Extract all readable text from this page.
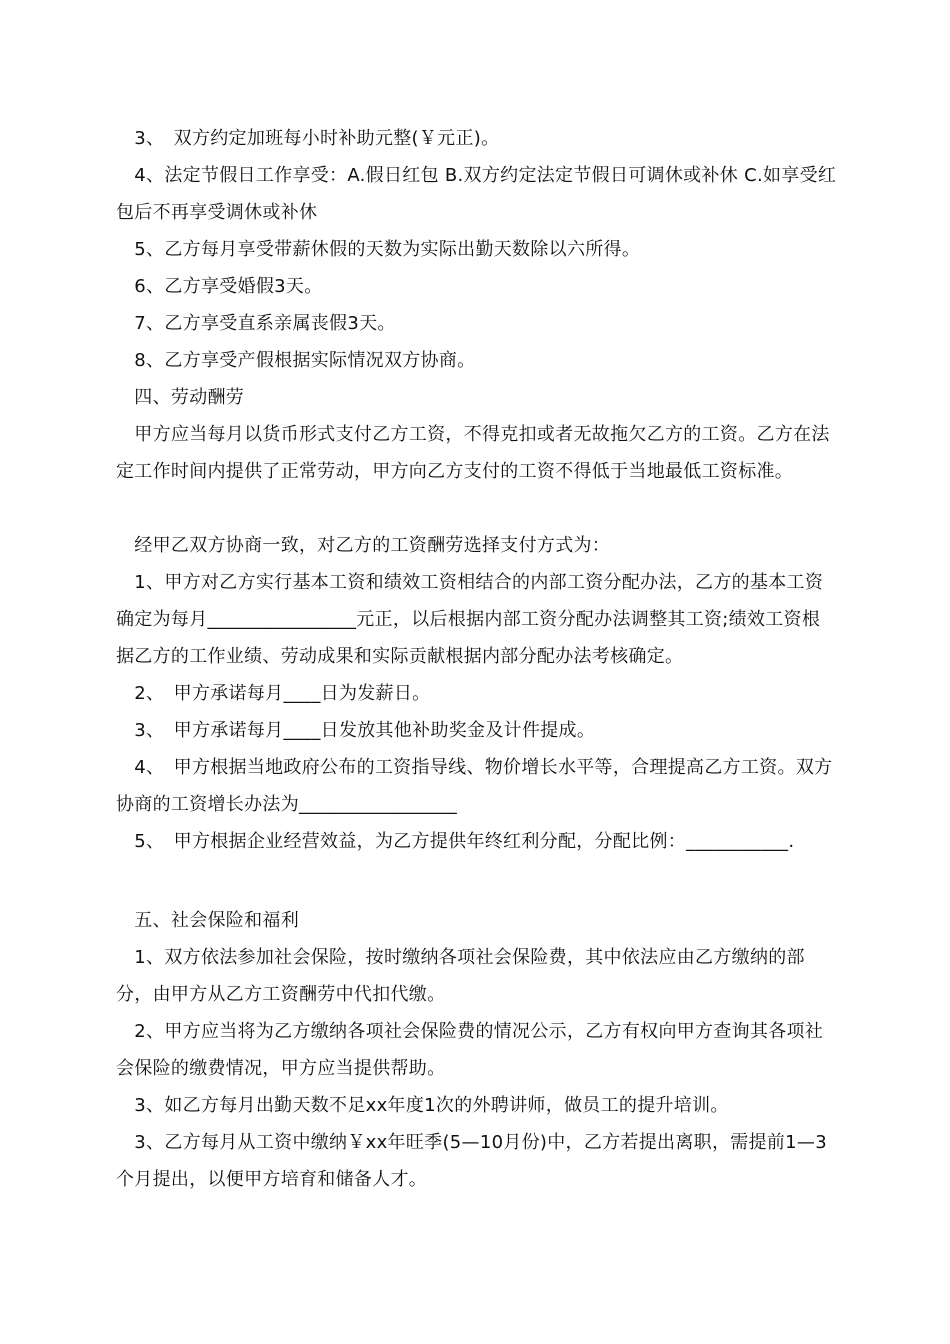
　3、　双方约定加班每小时补助元整(￥元正)。

　4、法定节假日工作享受：A.假日红包 B.双方约定法定节假日可调休或补休 C.如享受红包后不再享受调休或补休

　5、乙方每月享受带薪休假的天数为实际出勤天数除以六所得。

　6、乙方享受婚假3天。

　7、乙方享受直系亲属丧假3天。

　8、乙方享受产假根据实际情况双方协商。

　四、劳动酬劳

　甲方应当每月以货币形式支付乙方工资，不得克扣或者无故拖欠乙方的工资。乙方在法定工作时间内提供了正常劳动，甲方向乙方支付的工资不得低于当地最低工资标准。

　经甲乙双方协商一致，对乙方的工资酬劳选择支付方式为：

　1、甲方对乙方实行基本工资和绩效工资相结合的内部工资分配办法，乙方的基本工资确定为每月________________元正，以后根据内部工资分配办法调整其工资;绩效工资根据乙方的工作业绩、劳动成果和实际贡献根据内部分配办法考核确定。

　2、　甲方承诺每月____日为发薪日。

　3、　甲方承诺每月____日发放其他补助奖金及计件提成。

　4、　甲方根据当地政府公布的工资指导线、物价增长水平等，合理提高乙方工资。双方协商的工资增长办法为_________________

　5、　甲方根据企业经营效益，为乙方提供年终红利分配，分配比例：___________.

　五、社会保险和福利

　1、双方依法参加社会保险，按时缴纳各项社会保险费，其中依法应由乙方缴纳的部分，由甲方从乙方工资酬劳中代扣代缴。

　2、甲方应当将为乙方缴纳各项社会保险费的情况公示，乙方有权向甲方查询其各项社会保险的缴费情况，甲方应当提供帮助。

　3、如乙方每月出勤天数不足xx年度1次的外聘讲师，做员工的提升培训。

　3、乙方每月从工资中缴纳￥xx年旺季(5—10月份)中，乙方若提出离职，需提前1—3个月提出，以便甲方培育和储备人才。
